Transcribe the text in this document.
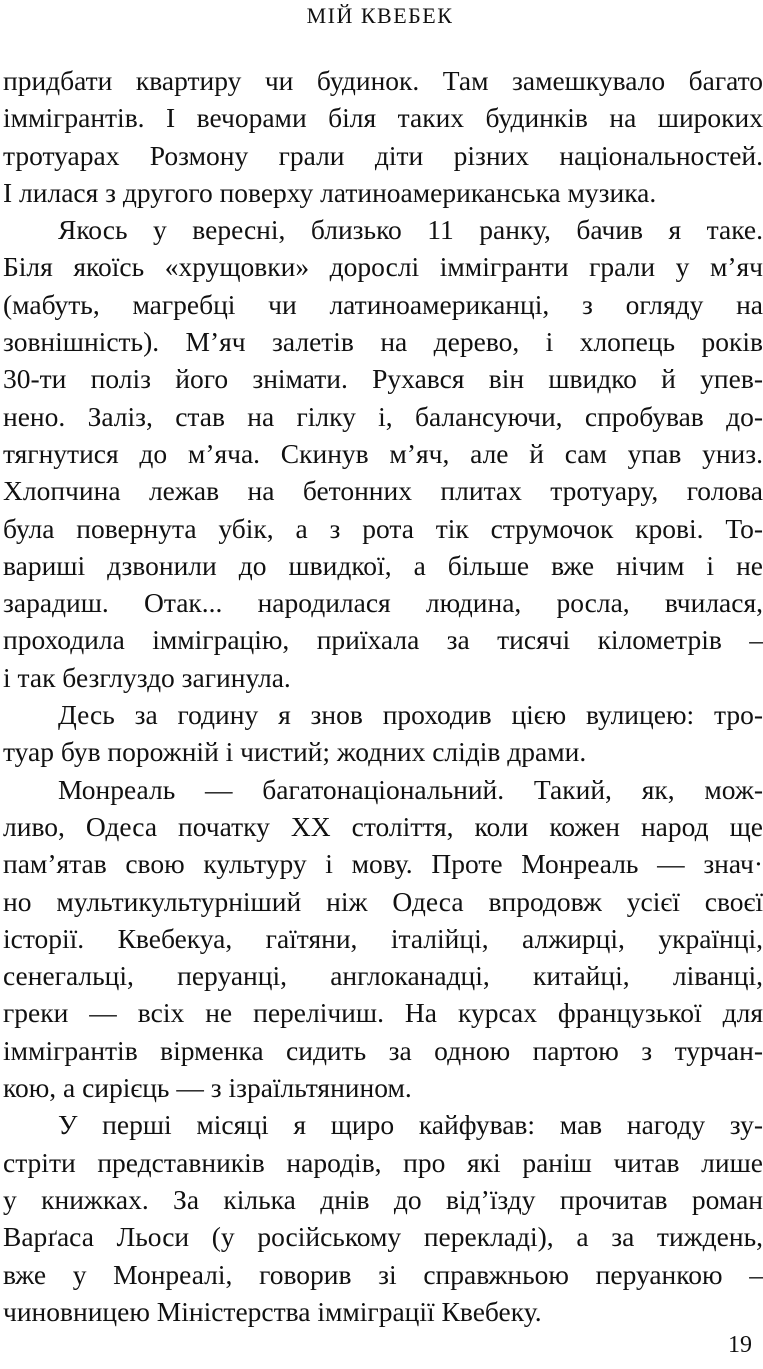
МІЙ КВЕБЕК
придбати квартиру чи будинок. Там замешкувало багато
іммігрантів. І вечорами біля таких будинків на широких
тротуарах Розмону грали діти різних національностей.
І лилася з другого поверху латиноамериканська музика.
Якось у вересні, близько 11 ранку, бачив я таке.
Біля якоїсь «хрущовки» дорослі іммігранти грали у м’яч
(мабуть, магребці чи латиноамериканці, з огляду на
зовнішність). М’яч залетів на дерево, і хлопець років
30-ти поліз його знімати. Рухався він швидко й упев-
нено. Заліз, став на гілку і, балансуючи, спробував до-
тягнутися до м’яча. Скинув м’яч, але й сам упав униз.
Хлопчина лежав на бетонних плитах тротуару, голова
була повернута убік, а з рота тік струмочок крові. То-
вариші дзвонили до швидкої, а більше вже нічим і не
зарадиш. Отак... народилася людина, росла, вчилася,
проходила імміграцію, приїхала за тисячі кілометрів –
і так безглуздо загинула.
Десь за годину я знов проходив цією вулицею: тро-
туар був порожній і чистий; жодних слідів драми.
Монреаль — багатонаціональний. Такий, як, мож-
ливо, Одеса початку XX століття, коли кожен народ ще
пам’ятав свою культуру і мову. Проте Монреаль — знач·
но мультикультурніший ніж Одеса впродовж усієї своєї
історії. Квебекуа, гаїтяни, італійці, алжирці, українці,
сенегальці, перуанці, англоканадці, китайці, ліванці,
греки — всіх не перелічиш. На курсах французької для
іммігрантів вірменка сидить за одною партою з турчан-
кою, а сирієць — з ізраїльтянином.
У перші місяці я щиро кайфував: мав нагоду зу-
стріти представників народів, про які раніш читав лише
у книжках. За кілька днів до від’їзду прочитав роман
Варґаса Льоси (у російському перекладі), а за тиждень,
вже у Монреалі, говорив зі справжньою перуанкою –
чиновницею Міністерства імміграції Квебеку.
19
